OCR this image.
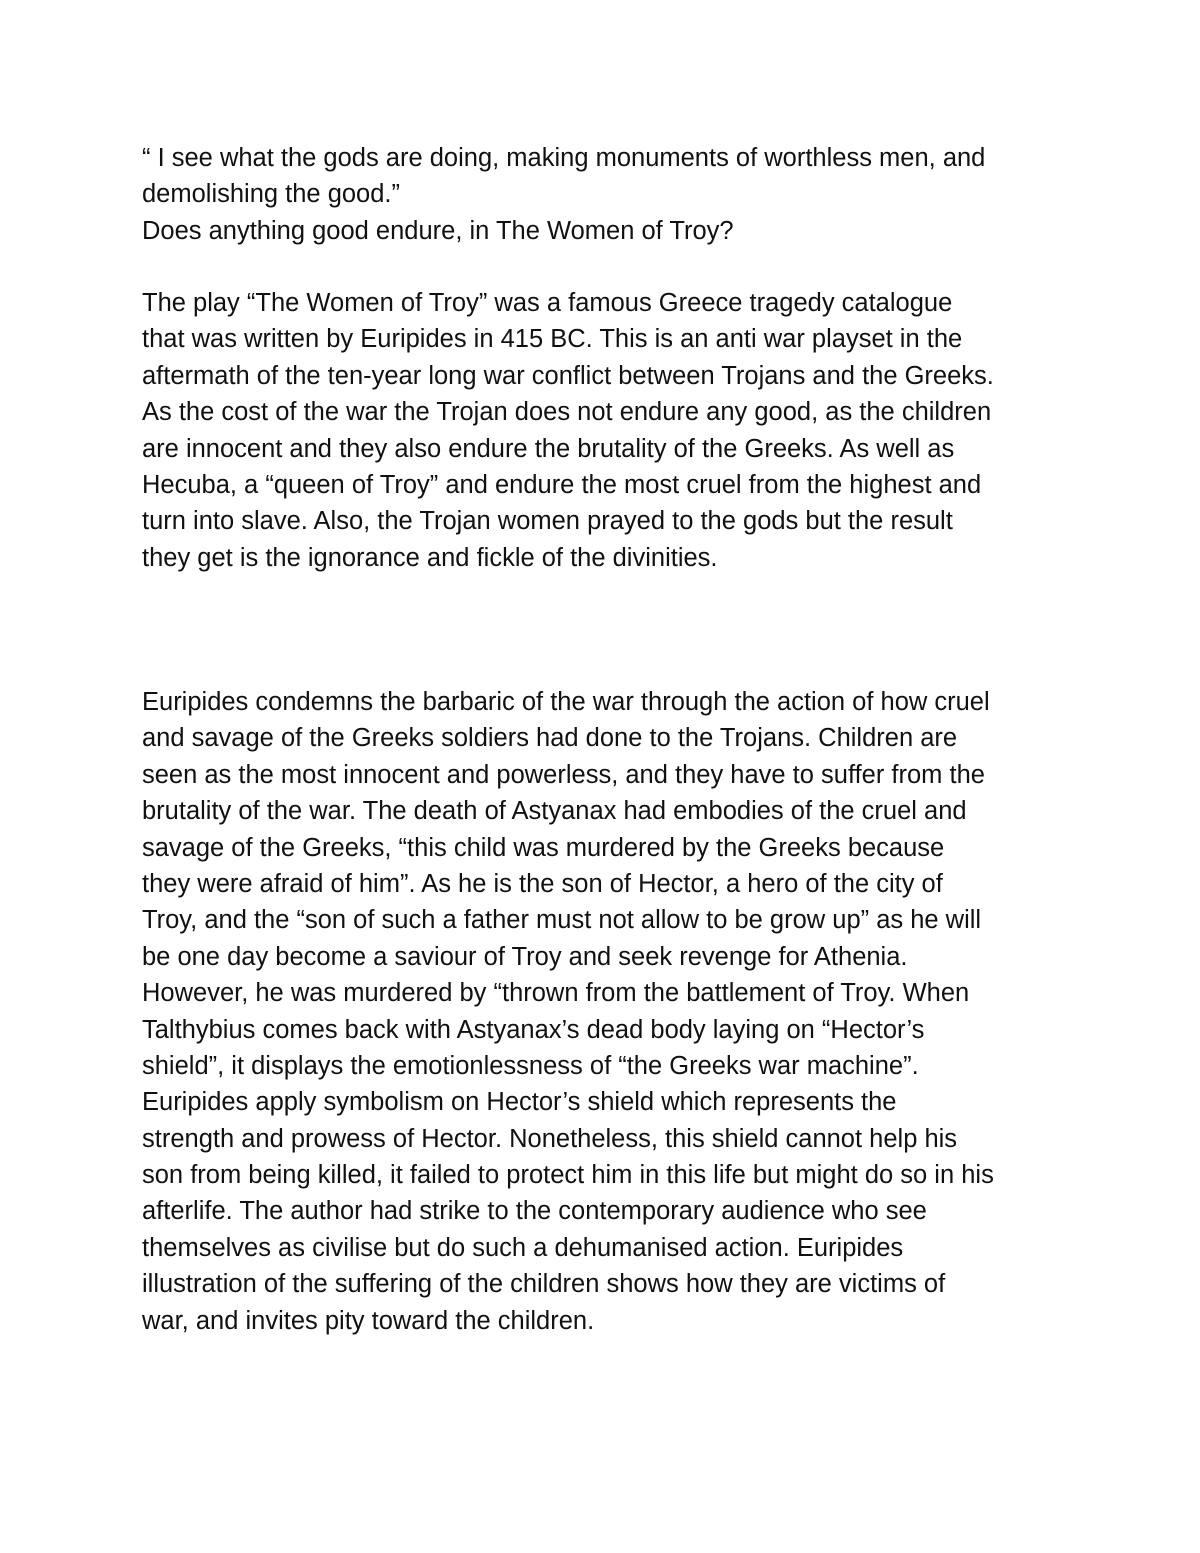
“ I see what the gods are doing, making monuments of worthless men, and
demolishing the good.”
Does anything good endure, in The Women of Troy?
The play “The Women of Troy” was a famous Greece tragedy catalogue
that was written by Euripides in 415 BC. This is an anti war playset in the
aftermath of the ten-year long war conflict between Trojans and the Greeks.
As the cost of the war the Trojan does not endure any good, as the children
are innocent and they also endure the brutality of the Greeks. As well as
Hecuba, a “queen of Troy” and endure the most cruel from the highest and
turn into slave. Also, the Trojan women prayed to the gods but the result
they get is the ignorance and fickle of the divinities.
Euripides condemns the barbaric of the war through the action of how cruel
and savage of the Greeks soldiers had done to the Trojans. Children are
seen as the most innocent and powerless, and they have to suffer from the
brutality of the war. The death of Astyanax had embodies of the cruel and
savage of the Greeks, “this child was murdered by the Greeks because
they were afraid of him”. As he is the son of Hector, a hero of the city of
Troy, and the “son of such a father must not allow to be grow up” as he will
be one day become a saviour of Troy and seek revenge for Athenia.
However, he was murdered by “thrown from the battlement of Troy. When
Talthybius comes back with Astyanax’s dead body laying on “Hector’s
shield”, it displays the emotionlessness of “the Greeks war machine”.
Euripides apply symbolism on Hector’s shield which represents the
strength and prowess of Hector. Nonetheless, this shield cannot help his
son from being killed, it failed to protect him in this life but might do so in his
afterlife. The author had strike to the contemporary audience who see
themselves as civilise but do such a dehumanised action. Euripides
illustration of the suffering of the children shows how they are victims of
war, and invites pity toward the children.
